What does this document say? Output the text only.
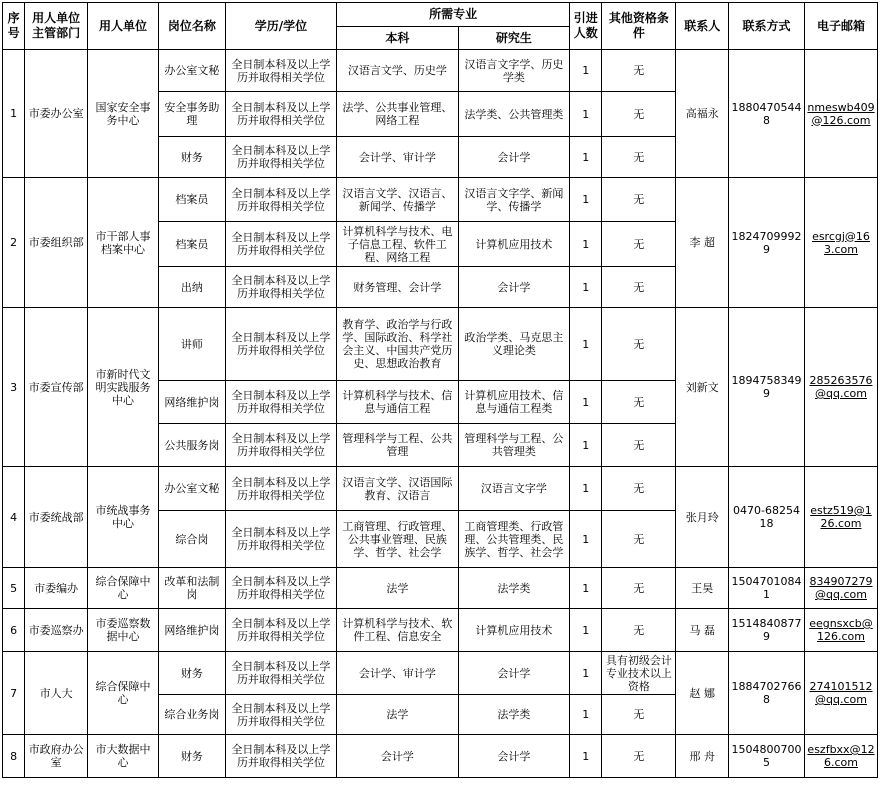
序号	用人单位主管部门	用人单位	岗位名称	学历/学位	所需专业		引进人数	其他资格条件	联系人	联系方式	电子邮箱
					本科	研究生					
1	市委办公室	国家安全事务中心	办公室文秘	全日制本科及以上学历并取得相关学位	汉语言文学、历史学	汉语言文字学、历史学类	1	无	高福永	18804705448	nmeswb409@126.com
			安全事务助理	全日制本科及以上学历并取得相关学位	法学、公共事业管理、网络工程	法学类、公共管理类	1	无			
			财务	全日制本科及以上学历并取得相关学位	会计学、审计学	会计学	1	无			
2	市委组织部	市干部人事档案中心	档案员	全日制本科及以上学历并取得相关学位	汉语言文学、汉语言、新闻学、传播学	汉语言文字学、新闻学、传播学	1	无	李 超	18247099929	esrcgj@163.com
			档案员	全日制本科及以上学历并取得相关学位	计算机科学与技术、电子信息工程、软件工程、网络工程	计算机应用技术	1	无			
			出纳	全日制本科及以上学历并取得相关学位	财务管理、会计学	会计学	1	无			
3	市委宣传部	市新时代文明实践服务中心	讲师	全日制本科及以上学历并取得相关学位	教育学、政治学与行政学、国际政治、科学社会主义、中国共产党历史、思想政治教育	政治学类、马克思主义理论类	1	无	刘新文	18947583499	285263576@qq.com
			网络维护岗	全日制本科及以上学历并取得相关学位	计算机科学与技术、信息与通信工程	计算机应用技术、信息与通信工程类	1	无			
			公共服务岗	全日制本科及以上学历并取得相关学位	管理科学与工程、公共管理	管理科学与工程、公共管理类	1	无			
4	市委统战部	市统战事务中心	办公室文秘	全日制本科及以上学历并取得相关学位	汉语言文学、汉语国际教育、汉语言	汉语言文字学	1	无	张月玲	0470-6825418	estz519@126.com
			综合岗	全日制本科及以上学历并取得相关学位	工商管理、行政管理、公共事业管理、民族学、哲学、社会学	工商管理类、行政管理、公共管理类、民族学、哲学、社会学	1	无			
5	市委编办	综合保障中心	改革和法制岗	全日制本科及以上学历并取得相关学位	法学	法学类	1	无	王昊	15047010841	834907279@qq.com
6	市委巡察办	市委巡察数据中心	网络维护岗	全日制本科及以上学历并取得相关学位	计算机科学与技术、软件工程、信息安全	计算机应用技术	1	无	马 磊	15148408779	eegnsxcb@126.com
7	市人大	综合保障中心	财务	全日制本科及以上学历并取得相关学位	会计学、审计学	会计学	1	具有初级会计专业技术以上资格	赵 娜	18847027668	274101512@qq.com
			综合业务岗	全日制本科及以上学历并取得相关学位	法学	法学类	1	无			
8	市政府办公室	市大数据中心	财务	全日制本科及以上学历并取得相关学位	会计学	会计学	1	无	邢 舟	15048007005	eszfbxx@126.com
